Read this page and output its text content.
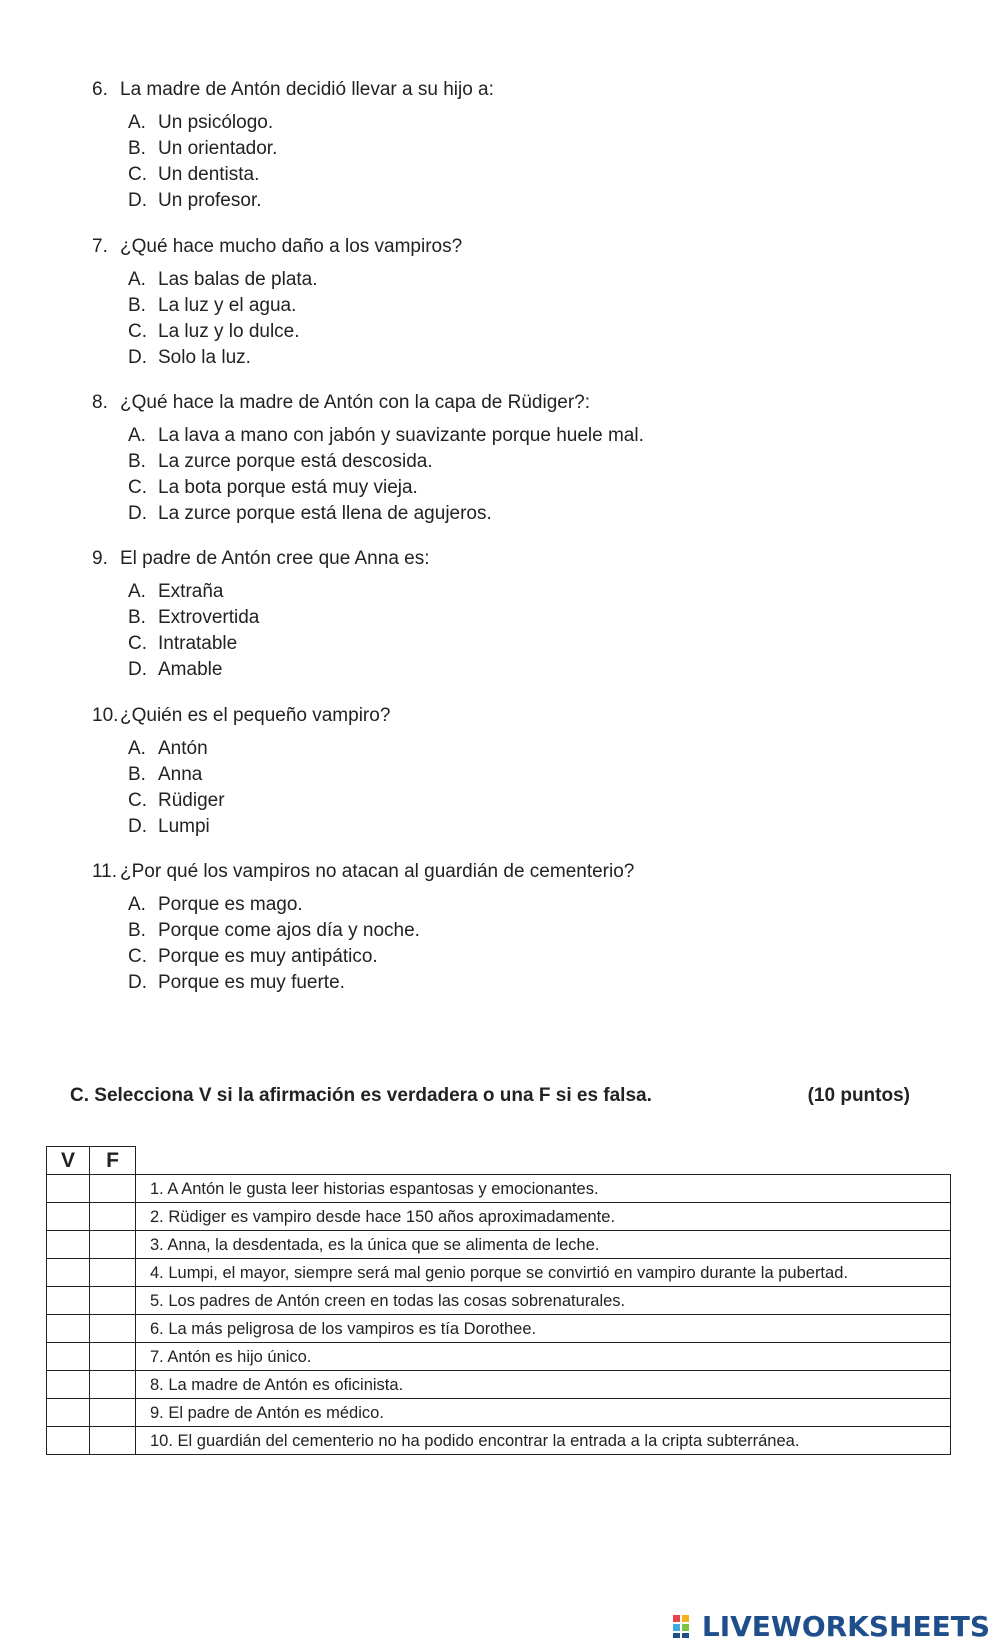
6. La madre de Antón decidió llevar a su hijo a:
A. Un psicólogo.
B. Un orientador.
C. Un dentista.
D. Un profesor.
7. ¿Qué hace mucho daño a los vampiros?
A. Las balas de plata.
B. La luz y el agua.
C. La luz y lo dulce.
D. Solo la luz.
8. ¿Qué hace la madre de Antón con la capa de Rüdiger?:
A. La lava a mano con jabón y suavizante porque huele mal.
B. La zurce porque está descosida.
C. La bota porque está muy vieja.
D. La zurce porque está llena de agujeros.
9. El padre de Antón cree que Anna es:
A. Extraña
B. Extrovertida
C. Intratable
D. Amable
10.¿Quién es el pequeño vampiro?
A. Antón
B. Anna
C. Rüdiger
D. Lumpi
11. ¿Por qué los vampiros no atacan al guardián de cementerio?
A. Porque es mago.
B. Porque come ajos día y noche.
C. Porque es muy antipático.
D. Porque es muy fuerte.
C. Selecciona V si la afirmación es verdadera o una F si es falsa.	(10 puntos)
V	F	
		1. A Antón le gusta leer historias espantosas y emocionantes.
		2. Rüdiger es vampiro desde hace 150 años aproximadamente.
		3. Anna, la desdentada, es la única que se alimenta de leche.
		4. Lumpi, el mayor, siempre será mal genio porque se convirtió en vampiro durante la pubertad.
		5. Los padres de Antón creen en todas las cosas sobrenaturales.
		6. La más peligrosa de los vampiros es tía Dorothee.
		7. Antón es hijo único.
		8. La madre de Antón es oficinista.
		9. El padre de Antón es médico.
		10. El guardián del cementerio no ha podido encontrar la entrada a la cripta subterránea.
LIVEWORKSHEETS
